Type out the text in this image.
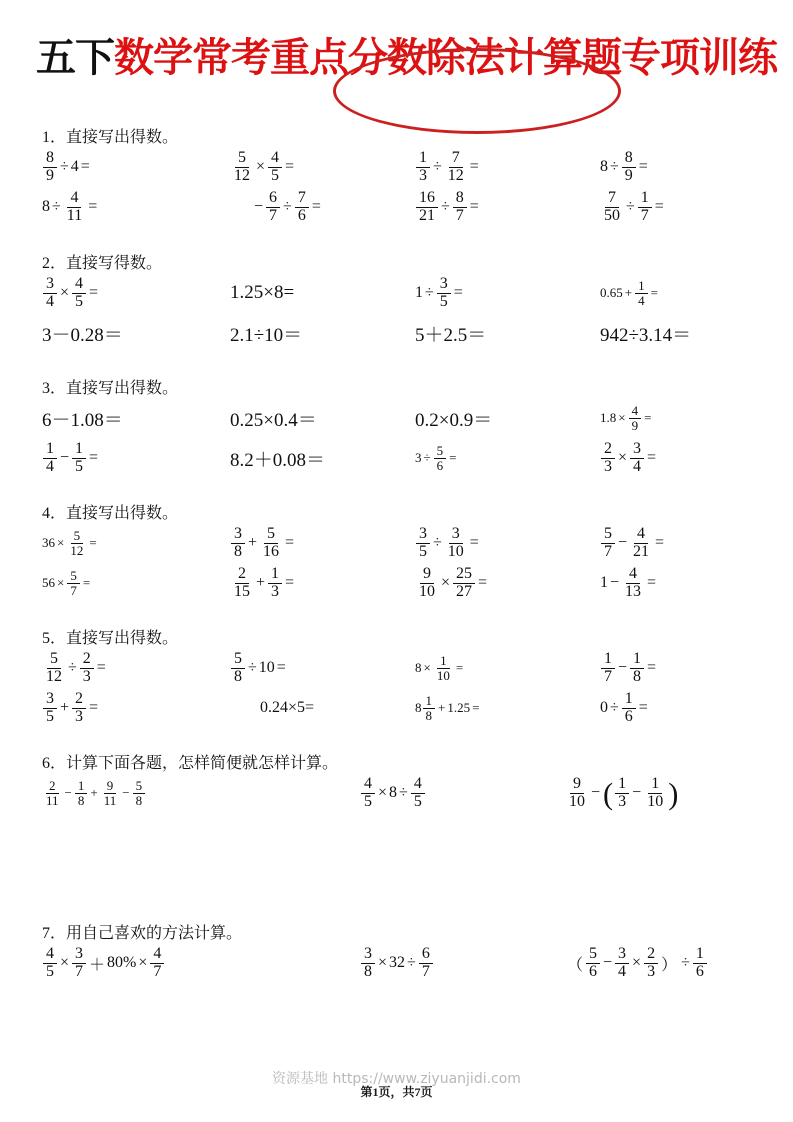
五下数学常考重点分数除法计算题专项训练
1．直接写出得数。
$\frac{8}{9} \div 4$ =	$\frac{5}{12} \times \frac{4}{5}$ =	$\frac{1}{3} \div \frac{7}{12}$ =	$8 \div \frac{8}{9}$ =
$8 \div \frac{4}{11}$ =	− $\frac{6}{7} \div \frac{7}{6}$ =	$\frac{16}{21} \div \frac{8}{7}$ =	$\frac{7}{50} \div \frac{1}{7}$ =
2．直接写得数。
$\frac{3}{4} \times \frac{4}{5}$ =	1.25×8=	$1 \div \frac{3}{5}$ =	$0.65 + \frac{1}{4}$ =
3－0.28＝	2.1÷10＝	5＋2.5＝	942÷3.14＝
3．直接写出得数。
6－1.08＝	0.25×0.4＝	0.2×0.9＝	$1.8 \times \frac{4}{9}$ =
$\frac{1}{4} - \frac{1}{5}$ =	8.2＋0.08＝	$3 \div \frac{5}{6}$ =	$\frac{2}{3} \times \frac{3}{4}$ =
4．直接写出得数。
$36 \times \frac{5}{12}$ =	$\frac{3}{8} + \frac{5}{16}$ =	$\frac{3}{5} \div \frac{3}{10}$ =	$\frac{5}{7} - \frac{4}{21}$ =
$56 \times \frac{5}{7}$ =	$\frac{2}{15} + \frac{1}{3}$ =	$\frac{9}{10} \times \frac{25}{27}$ =	$1 - \frac{4}{13}$ =
5．直接写出得数。
$\frac{5}{12} \div \frac{2}{3}$ =	$\frac{5}{8} \div 10$ =	$8 \times \frac{1}{10}$ =	$\frac{1}{7} - \frac{1}{8}$ =
$\frac{3}{5} + \frac{2}{3}$ =	0.24×5=	$8 \frac{1}{8} + 1.25$ =	$0 \div \frac{1}{6}$ =
6．计算下面各题，怎样简便就怎样计算。
$\frac{2}{11} - \frac{1}{8} + \frac{9}{11} - \frac{5}{8}$	$\frac{4}{5} \times 8 \div \frac{4}{5}$	$\frac{9}{10}$ − ( $\frac{1}{3} - \frac{1}{10}$ )
7．用自己喜欢的方法计算。
$\frac{4}{5} \times \frac{3}{7} + 80\% \times \frac{4}{7}$	$\frac{3}{8} \times 32 \div \frac{6}{7}$	（ $\frac{5}{6} - \frac{3}{4} \times \frac{2}{3}$ ） ÷ $\frac{1}{6}$
资源基地 https://www.ziyuanjidi.com
第1页，共7页
